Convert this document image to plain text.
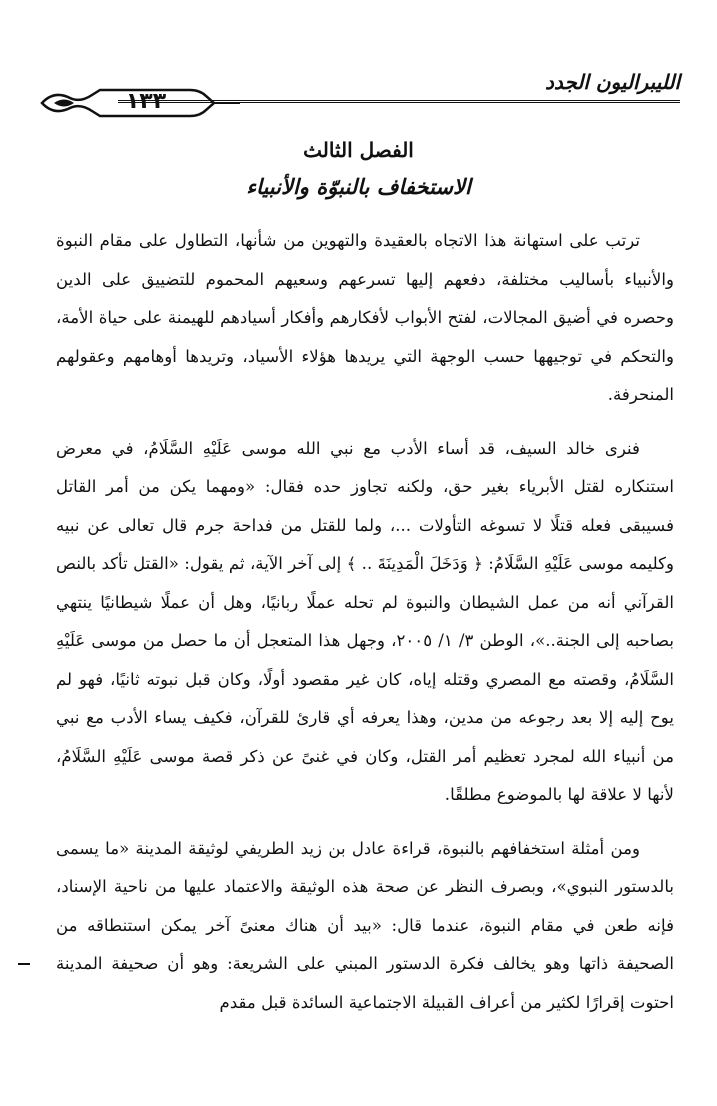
الليبراليون الجدد
١٣٣
الفصل الثالث
الاستخفاف بالنبوّة والأنبياء

ترتب على استهانة هذا الاتجاه بالعقيدة والتهوين من شأنها، التطاول على مقام النبوة والأنبياء بأساليب مختلفة، دفعهم إليها تسرعهم وسعيهم المحموم للتضييق على الدين وحصره في أضيق المجالات، لفتح الأبواب لأفكارهم وأفكار أسيادهم للهيمنة على حياة الأمة، والتحكم في توجيهها حسب الوجهة التي يريدها هؤلاء الأسياد، وتريدها أوهامهم وعقولهم المنحرفة.

فنرى خالد السيف، قد أساء الأدب مع نبي الله موسى عَلَيْهِ السَّلَامُ، في معرض استنكاره لقتل الأبرياء بغير حق، ولكنه تجاوز حده فقال: «ومهما يكن من أمر القاتل فسيبقى فعله قتلًا لا تسوغه التأولات ...، ولما للقتل من فداحة جرم قال تعالى عن نبيه وكليمه موسى عَلَيْهِ السَّلَامُ: ﴿ وَدَخَلَ الْمَدِينَةَ .. ﴾ إلى آخر الآية، ثم يقول: «القتل تأكد بالنص القرآني أنه من عمل الشيطان والنبوة لم تحله عملًا ربانيًا، وهل أن عملًا شيطانيًا ينتهي بصاحبه إلى الجنة..»، الوطن ٣/ ١/ ٢٠٠٥، وجهل هذا المتعجل أن ما حصل من موسى عَلَيْهِ السَّلَامُ، وقصته مع المصري وقتله إياه، كان غير مقصود أولًا، وكان قبل نبوته ثانيًا، فهو لم يوح إليه إلا بعد رجوعه من مدين، وهذا يعرفه أي قارئ للقرآن، فكيف يساء الأدب مع نبي من أنبياء الله لمجرد تعظيم أمر القتل، وكان في غنىً عن ذكر قصة موسى عَلَيْهِ السَّلَامُ، لأنها لا علاقة لها بالموضوع مطلقًا.

ومن أمثلة استخفافهم بالنبوة، قراءة عادل بن زيد الطريفي لوثيقة المدينة «ما يسمى بالدستور النبوي»، وبصرف النظر عن صحة هذه الوثيقة والاعتماد عليها من ناحية الإسناد، فإنه طعن في مقام النبوة، عندما قال: «بيد أن هناك معنىً آخر يمكن استنطاقه من الصحيفة ذاتها وهو يخالف فكرة الدستور المبني على الشريعة: وهو أن صحيفة المدينة احتوت إقرارًا لكثير من أعراف القبيلة الاجتماعية السائدة قبل مقدم
